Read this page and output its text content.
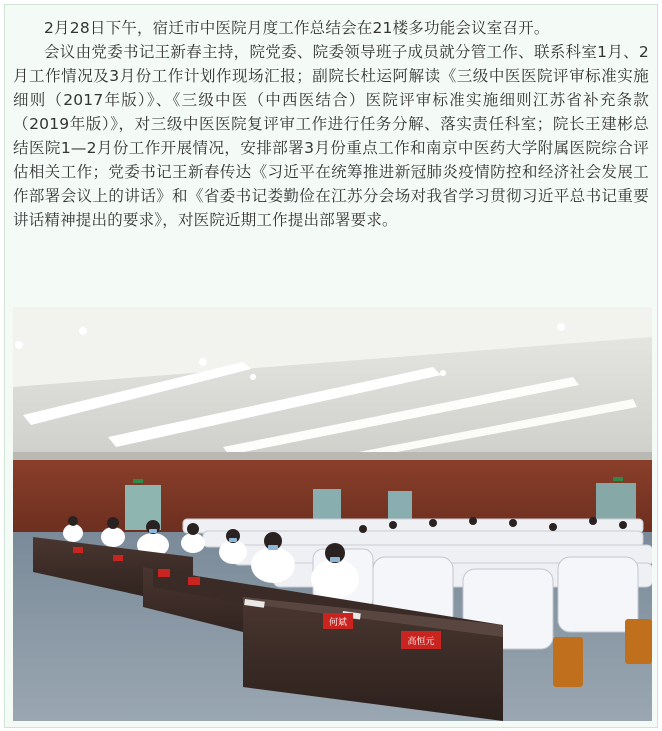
2月28日下午，宿迁市中医院月度工作总结会在21楼多功能会议室召开。

会议由党委书记王新春主持，院党委、院委领导班子成员就分管工作、联系科室1月、2月工作情况及3月份工作计划作现场汇报；副院长杜运阿解读《三级中医医院评审标准实施细则（2017年版）》、《三级中医（中西医结合）医院评审标准实施细则江苏省补充条款（2019年版）》，对三级中医医院复评审工作进行任务分解、落实责任科室；院长王建彬总结医院1—2月份工作开展情况，安排部署3月份重点工作和南京中医药大学附属医院综合评估相关工作；党委书记王新春传达《习近平在统筹推进新冠肺炎疫情防控和经济社会发展工作部署会议上的讲话》和《省委书记娄勤俭在江苏分会场对我省学习贯彻习近平总书记重要讲话精神提出的要求》，对医院近期工作提出部署要求。

何斌
高恒元
